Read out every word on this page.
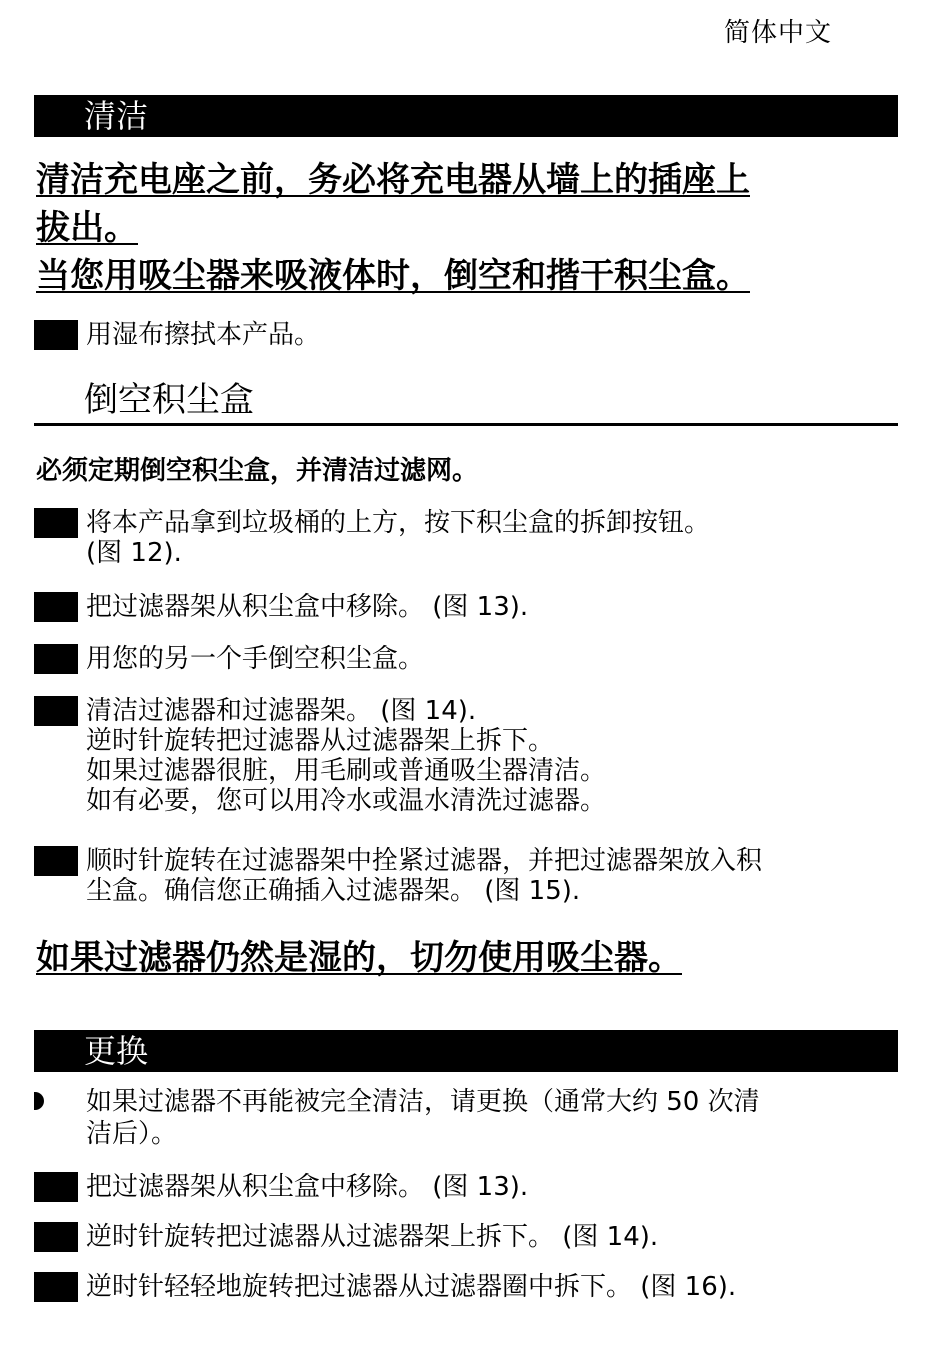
简体中文
清洁
清洁充电座之前，务必将充电器从墙上的插座上
拔出。
当您用吸尘器来吸液体时，倒空和揩干积尘盒。
用湿布擦拭本产品。
倒空积尘盒
必须定期倒空积尘盒，并清洁过滤网。
将本产品拿到垃圾桶的上方，按下积尘盒的拆卸按钮。
(图 12).
把过滤器架从积尘盒中移除。 (图 13).
用您的另一个手倒空积尘盒。
清洁过滤器和过滤器架。 (图 14).
逆时针旋转把过滤器从过滤器架上拆下。
如果过滤器很脏，用毛刷或普通吸尘器清洁。
如有必要，您可以用冷水或温水清洗过滤器。
顺时针旋转在过滤器架中拴紧过滤器，并把过滤器架放入积
尘盒。确信您正确插入过滤器架。 (图 15).
如果过滤器仍然是湿的，切勿使用吸尘器。
更换
如果过滤器不再能被完全清洁，请更换（通常大约 50 次清
洁后）。
把过滤器架从积尘盒中移除。 (图 13).
逆时针旋转把过滤器从过滤器架上拆下。 (图 14).
逆时针轻轻地旋转把过滤器从过滤器圈中拆下。 (图 16).
